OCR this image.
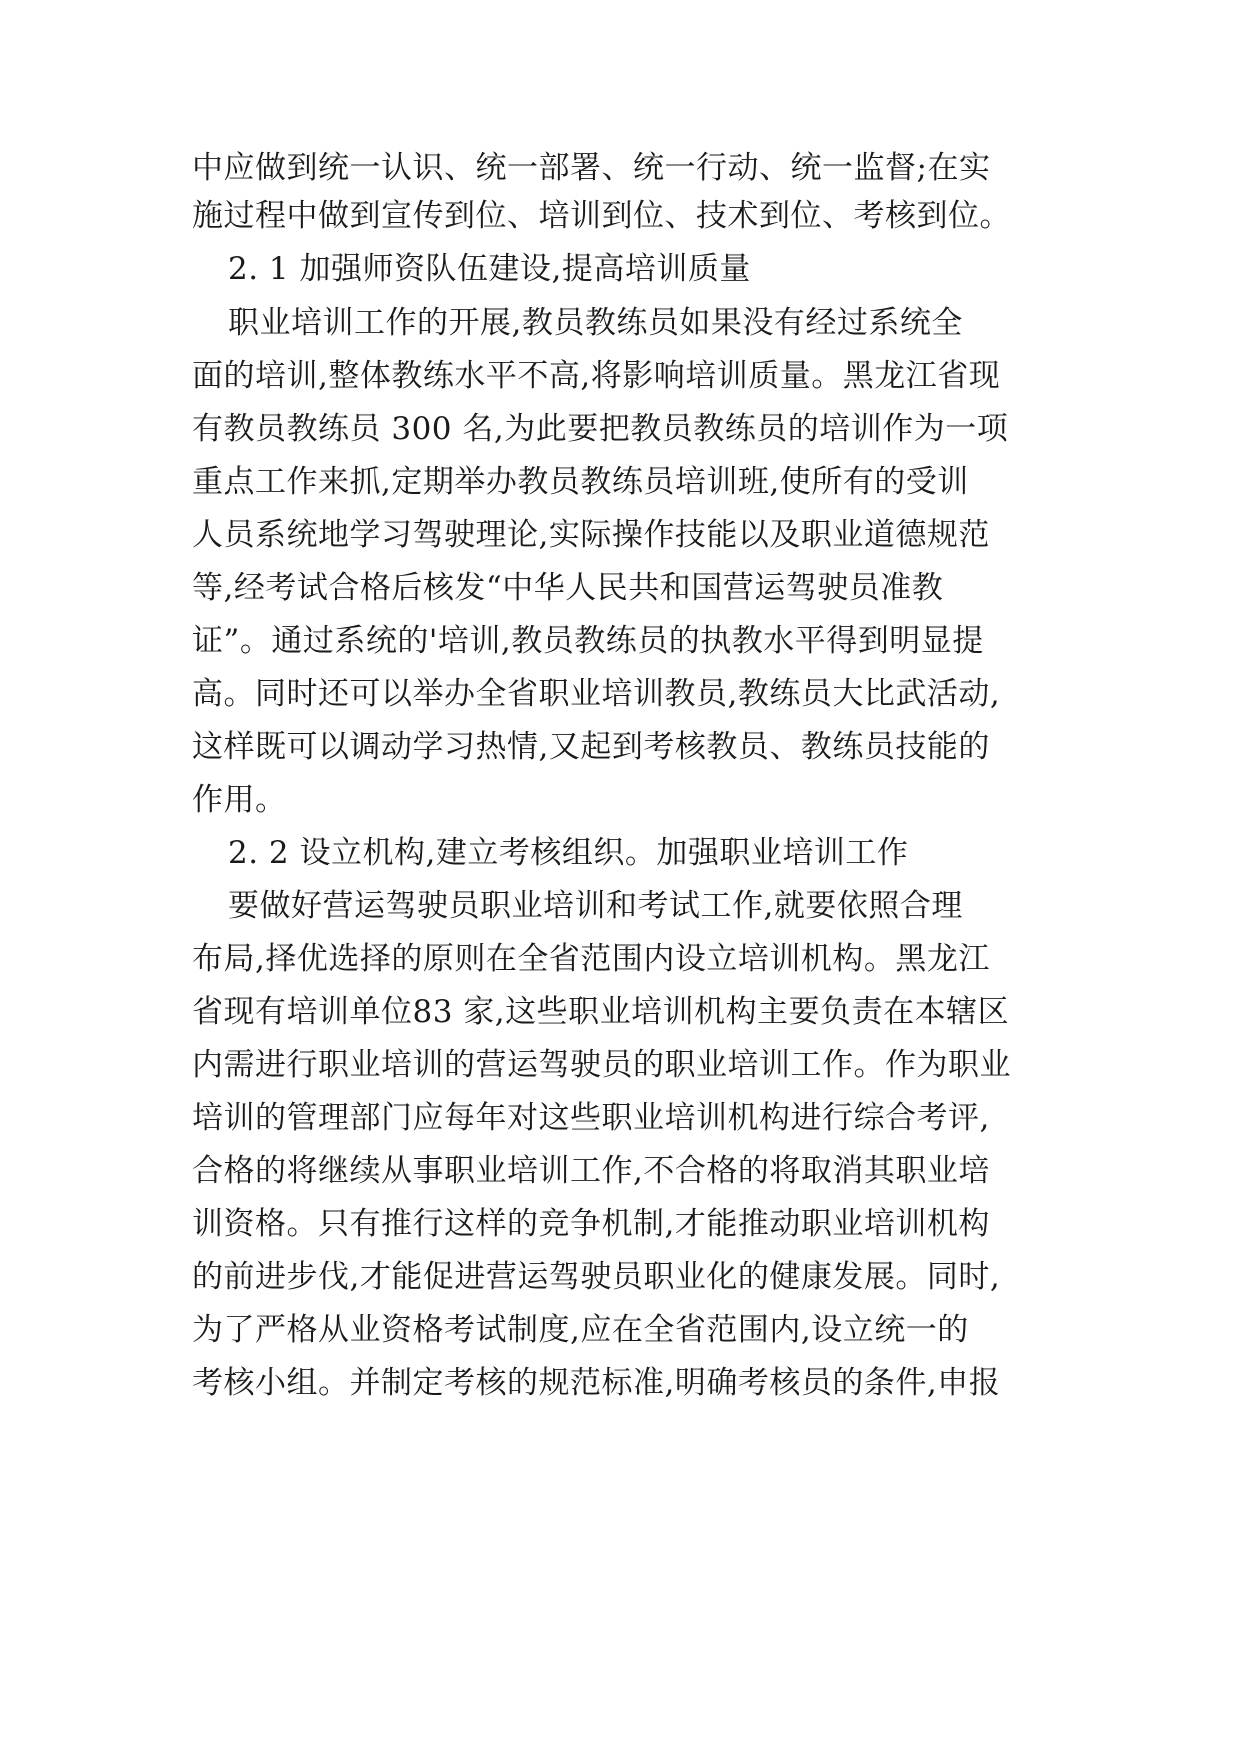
中应做到统一认识、统一部署、统一行动、统一监督;在实
施过程中做到宣传到位、培训到位、技术到位、考核到位。
2. 1 加强师资队伍建设,提高培训质量
职业培训工作的开展,教员教练员如果没有经过系统全
面的培训,整体教练水平不高,将影响培训质量。黑龙江省现
有教员教练员 300 名,为此要把教员教练员的培训作为一项
重点工作来抓,定期举办教员教练员培训班,使所有的受训
人员系统地学习驾驶理论,实际操作技能以及职业道德规范
等,经考试合格后核发“中华人民共和国营运驾驶员准教
证”。通过系统的'培训,教员教练员的执教水平得到明显提
高。同时还可以举办全省职业培训教员,教练员大比武活动,
这样既可以调动学习热情,又起到考核教员、教练员技能的
作用。
2. 2 设立机构,建立考核组织。加强职业培训工作
要做好营运驾驶员职业培训和考试工作,就要依照合理
布局,择优选择的原则在全省范围内设立培训机构。黑龙江
省现有培训单位83 家,这些职业培训机构主要负责在本辖区
内需进行职业培训的营运驾驶员的职业培训工作。作为职业
培训的管理部门应每年对这些职业培训机构进行综合考评,
合格的将继续从事职业培训工作,不合格的将取消其职业培
训资格。只有推行这样的竞争机制,才能推动职业培训机构
的前进步伐,才能促进营运驾驶员职业化的健康发展。同时,
为了严格从业资格考试制度,应在全省范围内,设立统一的
考核小组。并制定考核的规范标准,明确考核员的条件,申报
